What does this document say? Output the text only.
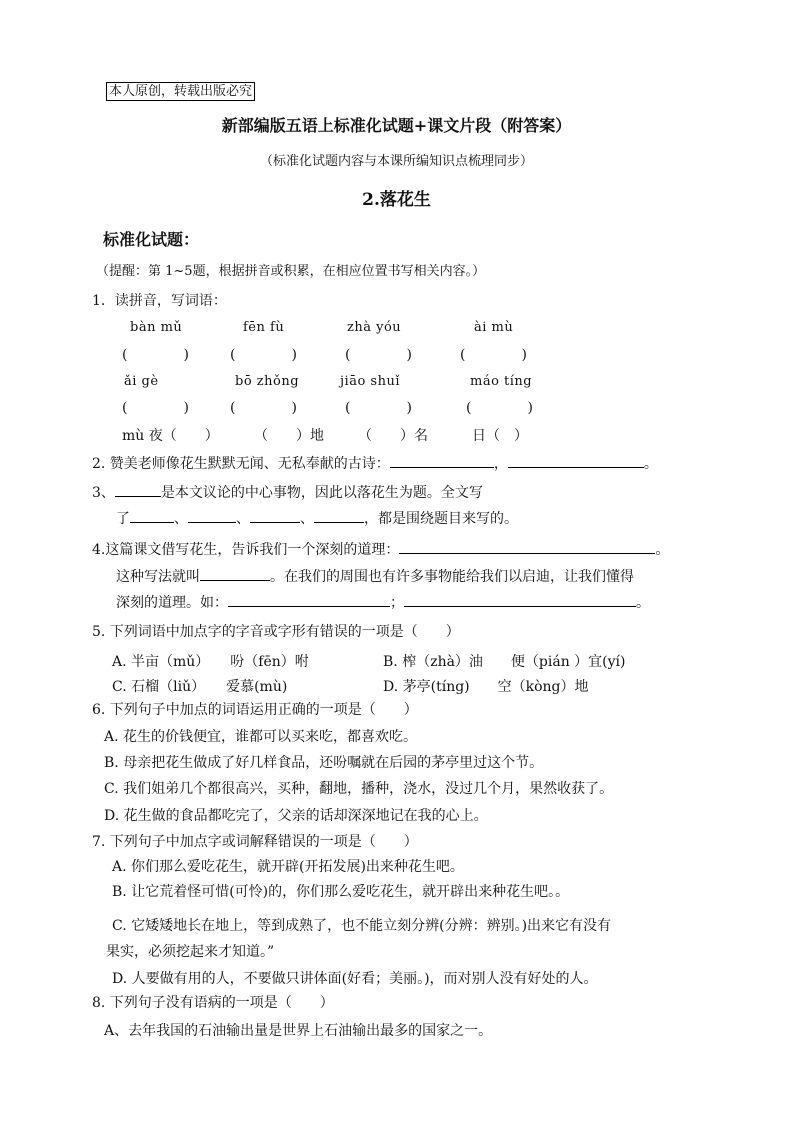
本人原创，转载出版必究
新部编版五语上标准化试题+课文片段（附答案）
（标准化试题内容与本课所编知识点梳理同步）
2.落花生
标准化试题：
（提醒：第 1~5题，根据拼音或积累，在相应位置书写相关内容。）
1．读拼音，写词语：
bàn mǔ	fēn fù	zhà yóu	ài mù
(　　　　)	(　　　　)	(　　　　)	(　　　　)
ǎi gè	bō zhǒng	jiāo shuǐ	máo tíng
(　　　　)	(　　　　)	(　　　　)	(　　　　)
mù 夜（　　）	（　　）地 （　　）名	日（　）
2. 赞美老师像花生默默无闻、无私奉献的古诗：	，	。
3、	是本文议论的中心事物，因此以落花生为题。全文写
了	、	、	、	，都是围绕题目来写的。
4.这篇课文借写花生，告诉我们一个深刻的道理：	。
这种写法就叫	。在我们的周围也有许多事物能给我们以启迪，让我们懂得
深刻的道理。如：	；	。
5. 下列词语中加点字的字音或字形有错误的一项是（　　）
A. 半亩（mǔ）　　吩（fēn）咐	B. 榨（zhà）油　　便（pián ）宜(yí)
C. 石榴（liǔ）　　爱慕(mù)	D. 茅亭(tíng)　　空（kòng）地
6. 下列句子中加点的词语运用正确的一项是（　　）
A. 花生的价钱便宜，谁都可以买来吃，都喜欢吃。
B. 母亲把花生做成了好几样食品，还吩嘱就在后园的茅亭里过这个节。
C. 我们姐弟几个都很高兴，买种，翻地，播种，浇水，没过几个月，果然收获了。
D. 花生做的食品都吃完了，父亲的话却深深地记在我的心上。
7. 下列句子中加点字或词解释错误的一项是（　　）
A. 你们那么爱吃花生，就开辟(开拓发展)出来种花生吧。
B. 让它荒着怪可惜(可怜)的，你们那么爱吃花生，就开辟出来种花生吧。。
C. 它矮矮地长在地上，等到成熟了，也不能立刻分辨(分辨：辨别。)出来它有没有
果实，必须挖起来才知道。”
D. 人要做有用的人，不要做只讲体面(好看；美丽。)，而对别人没有好处的人。
8. 下列句子没有语病的一项是（　　）
A、去年我国的石油输出量是世界上石油输出最多的国家之一。
